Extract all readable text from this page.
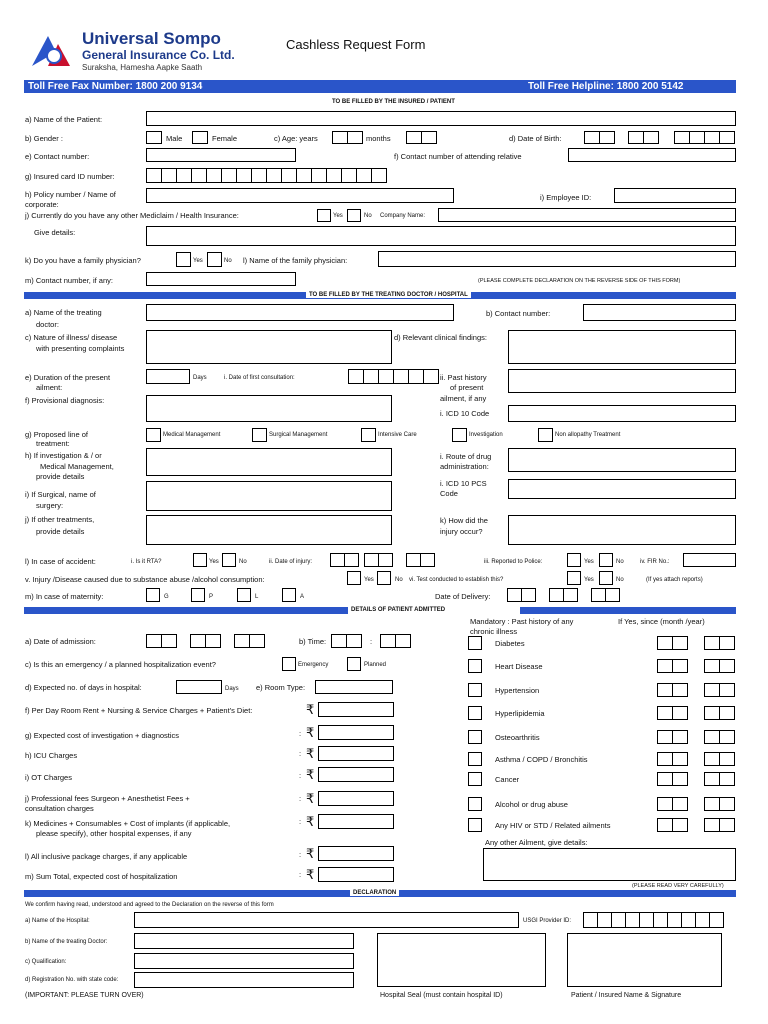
Universal Sompo
General Insurance Co. Ltd.
Suraksha, Hamesha Aapke Saath
Cashless Request Form
Toll Free Fax Number: 1800 200 9134	Toll Free Helpline: 1800 200 5142
TO BE FILLED BY THE INSURED / PATIENT
a) Name of the Patient:
b) Gender :	Male	Female	c) Age: years	months	d) Date of Birth:
e) Contact number:	f) Contact number of attending relative
g) Insured card ID number:
h) Policy number / Name of
corporate:
i) Employee ID:
j) Currently do you have any other Mediclaim / Health Insurance:	Yes	No Company Name:
Give details:
k) Do you have a family physician?	Yes	No l) Name of the family physician:
m) Contact number, if any:	(PLEASE COMPLETE DECLARATION ON THE REVERSE SIDE OF THIS FORM)
TO BE FILLED BY THE TREATING DOCTOR / HOSPITAL
a) Name of the treating
doctor:
b) Contact number:
c) Nature of illness/ disease
with presenting complaints
d) Relevant clinical findings:
e) Duration of the present
ailment:
Days	i. Date of first consultation:	ii. Past history
of present
ailment, if any
f) Provisional diagnosis:
i. ICD 10 Code
g) Proposed line of
treatment:
Medical Management	Surgical Management	Intensive Care	Investigation	Non allopathy Treatment
h) If investigation & / or
Medical Management,
provide details
i. Route of drug
administration:
i. ICD 10 PCS
Code
i) If Surgical, name of
surgery:
j) If other treatments,
provide details
k) How did the
injury occur?
l) In case of accident:	i. Is it RTA?	Yes	No	ii. Date of injury:	iii. Reported to Police:	Yes	No	iv. FIR No.:
v. Injury /Disease caused due to substance abuse /alcohol consumption:	Yes	No vi. Test conducted to establish this?	Yes	No	(If yes attach reports)
m) In case of maternity:	G	P	L	A	Date of Delivery:
DETAILS OF PATIENT ADMITTED
Mandatory : Past history of any
chronic illness
If Yes, since (month /year)
a) Date of admission:	b) Time:	:
c) Is this an emergency / a planned hospitalization event?	Emergency	Planned
d) Expected no. of days in hospital:	Days e) Room Type:
f) Per Day Room Rent + Nursing & Service Charges + Patient's Diet:	₹
g) Expected cost of investigation + diagnostics	: ₹
h) ICU Charges	: ₹
i) OT Charges	: ₹
j) Professional fees Surgeon + Anesthetist Fees +
consultation charges
: ₹
k) Medicines + Consumables + Cost of implants (if applicable,
please specify), other hospital expenses, if any
: ₹
l) All inclusive package charges, if any applicable	: ₹
m) Sum Total, expected cost of hospitalization	: ₹
Diabetes
Heart Disease
Hypertension
Hyperlipidemia
Osteoarthritis
Asthma / COPD / Bronchitis
Cancer
Alcohol or drug abuse
Any HIV or STD / Related ailments
Any other Ailment, give details:
(PLEASE READ VERY CAREFULLY)
DECLARATION
We confirm having read, understood and agreed to the Declaration on the reverse of this form
a) Name of the Hospital:	USGI Provider ID:
b) Name of the treating Doctor:
c) Qualification:
d) Registration No. with state code:
(IMPORTANT: PLEASE TURN OVER)	Hospital Seal (must contain hospital ID)	Patient / Insured Name & Signature
